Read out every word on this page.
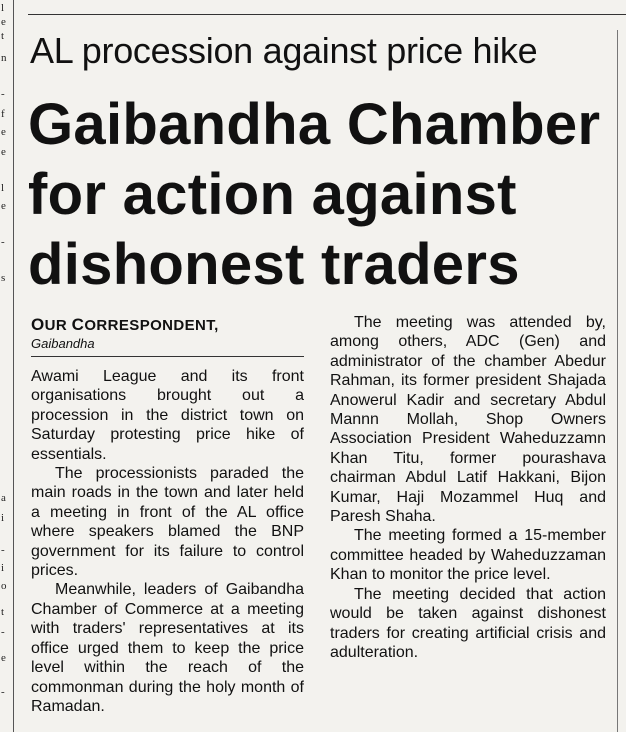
l
e
t
n
-
f
e
e
l
e
-
s
a
i
-
i
o
t
-
e
-
AL procession against price hike
Gaibandha Chamber
for action against
dishonest traders
OUR CORRESPONDENT,
Gaibandha

Awami League and its front organisations brought out a procession in the district town on Saturday protesting price hike of essentials.

The processionists paraded the main roads in the town and later held a meeting in front of the AL office where speakers blamed the BNP government for its failure to control prices.

Meanwhile, leaders of Gaibandha Chamber of Commerce at a meeting with traders' representatives at its office urged them to keep the price level within the reach of the commonman during the holy month of Ramadan.

The meeting was attended by, among others, ADC (Gen) and administrator of the chamber Abedur Rahman, its former president Shajada Anowerul Kadir and secretary Abdul Mannn Mollah, Shop Owners Association President Waheduzzamn Khan Titu, former pourashava chairman Abdul Latif Hakkani, Bijon Kumar, Haji Mozammel Huq and Paresh Shaha.

The meeting formed a 15-member committee headed by Waheduzzaman Khan to monitor the price level.

The meeting decided that action would be taken against dishonest traders for creating artificial crisis and adulteration.
